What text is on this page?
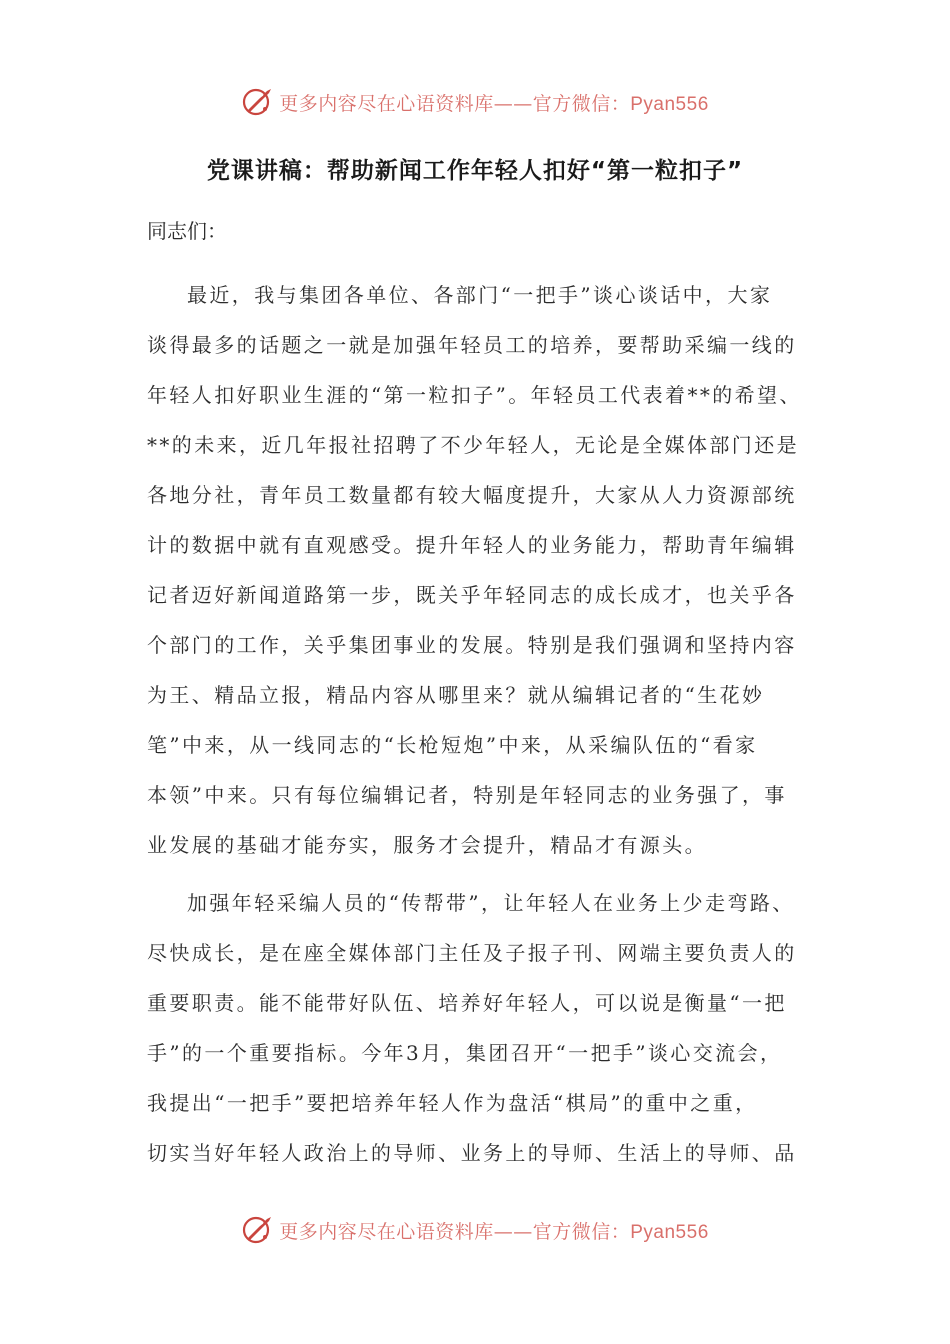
更多内容尽在心语资料库——官方微信：Pyan556
党课讲稿：帮助新闻工作年轻人扣好“第一粒扣子”
同志们：
最近，我与集团各单位、各部门“一把手”谈心谈话中，大家
谈得最多的话题之一就是加强年轻员工的培养，要帮助采编一线的
年轻人扣好职业生涯的“第一粒扣子”。年轻员工代表着**的希望、
**的未来，近几年报社招聘了不少年轻人，无论是全媒体部门还是
各地分社，青年员工数量都有较大幅度提升，大家从人力资源部统
计的数据中就有直观感受。提升年轻人的业务能力，帮助青年编辑
记者迈好新闻道路第一步，既关乎年轻同志的成长成才，也关乎各
个部门的工作，关乎集团事业的发展。特别是我们强调和坚持内容
为王、精品立报，精品内容从哪里来？就从编辑记者的“生花妙
笔”中来，从一线同志的“长枪短炮”中来，从采编队伍的“看家
本领”中来。只有每位编辑记者，特别是年轻同志的业务强了，事
业发展的基础才能夯实，服务才会提升，精品才有源头。
加强年轻采编人员的“传帮带”，让年轻人在业务上少走弯路、
尽快成长，是在座全媒体部门主任及子报子刊、网端主要负责人的
重要职责。能不能带好队伍、培养好年轻人，可以说是衡量“一把
手”的一个重要指标。今年3月，集团召开“一把手”谈心交流会，
我提出“一把手”要把培养年轻人作为盘活“棋局”的重中之重，
切实当好年轻人政治上的导师、业务上的导师、生活上的导师、品
更多内容尽在心语资料库——官方微信：Pyan556
